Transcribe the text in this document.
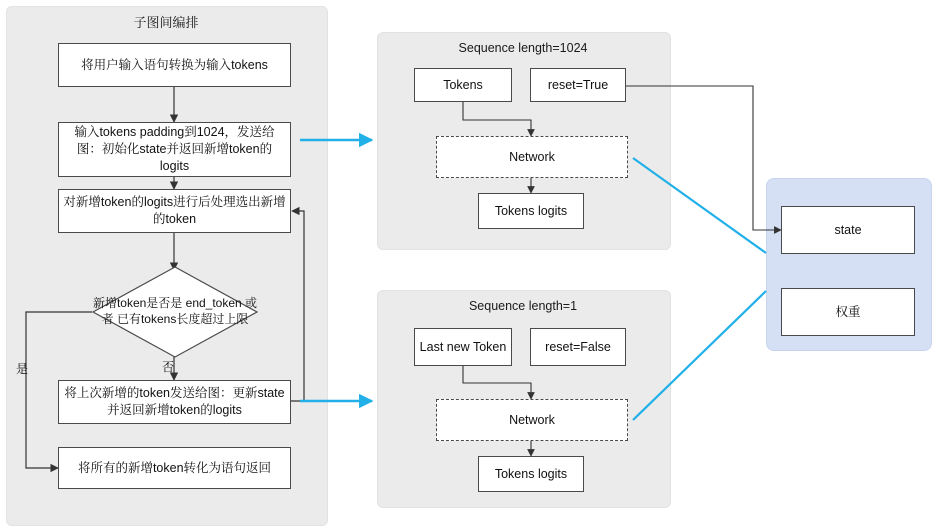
子图间编排
Sequence length=1024
Sequence length=1
将用户输入语句转换为输入tokens
输入tokens padding到1024，发送给图：初始化state并返回新增token的logits
对新增token的logits进行后处理选出新增的token
新增token是否是 end_token 或者 已有tokens长度超过上限
是	否
将上次新增的token发送给图：更新state并返回新增token的logits
将所有的新增token转化为语句返回
Tokens	reset=True
Network
Tokens logits
Last new Token	reset=False
Network
Tokens logits
state
权重
